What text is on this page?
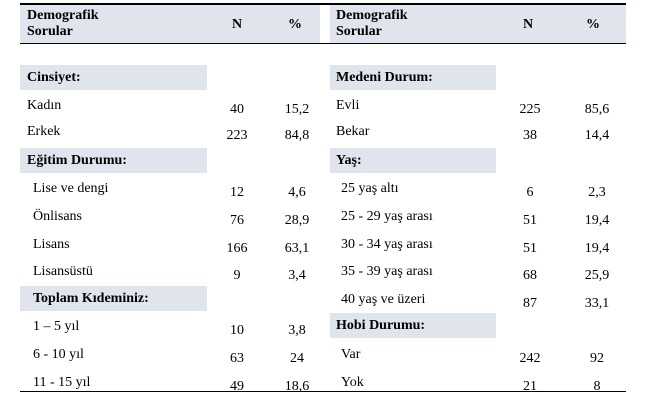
Demografik
Sorular	N	%
Demografik
Sorular	N	%
Cinsiyet:
Kadın	40	15,2
Erkek	223	84,8
Eğitim Durumu:
Lise ve dengi	12	4,6
Önlisans	76	28,9
Lisans	166	63,1
Lisansüstü	9	3,4
Toplam Kıdeminiz:
1 – 5 yıl	10	3,8
6 - 10 yıl	63	24
11 - 15 yıl	49	18,6
Medeni Durum:
Evli	225	85,6
Bekar	38	14,4
Yaş:
25 yaş altı	6	2,3
25 - 29 yaş arası	51	19,4
30 - 34 yaş arası	51	19,4
35 - 39 yaş arası	68	25,9
40 yaş ve üzeri	87	33,1
Hobi Durumu:
Var	242	92
Yok	21	8
